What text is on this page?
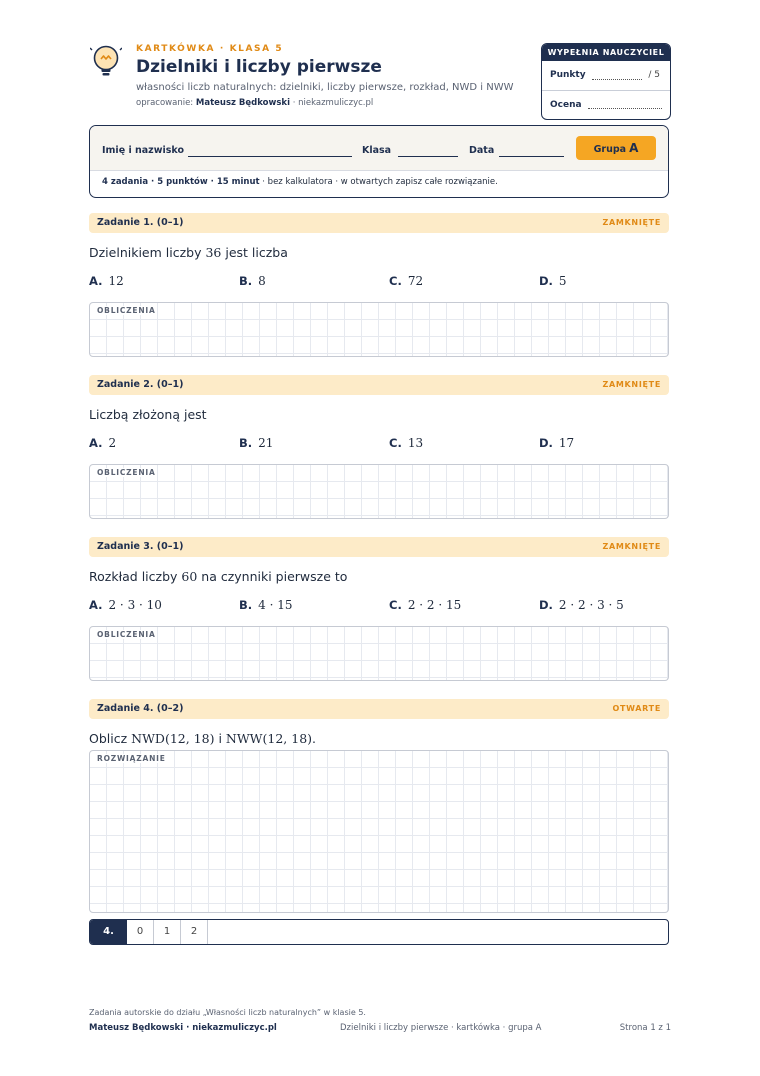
KARTKÓWKA · KLASA 5
Dzielniki i liczby pierwsze
własności liczb naturalnych: dzielniki, liczby pierwsze, rozkład, NWD i NWW
opracowanie: Mateusz Będkowski · niekazmuliczyc.pl
WYPEŁNIA NAUCZYCIEL
Punkty	/ 5
Ocena
Imię i nazwisko	Klasa	Data	Grupa A
4 zadania · 5 punktów · 15 minut · bez kalkulatora · w otwartych zapisz całe rozwiązanie.
Zadanie 1. (0–1)	ZAMKNIĘTE
Dzielnikiem liczby 36 jest liczba
A. 12	B. 8	C. 72	D. 5
OBLICZENIA
Zadanie 2. (0–1)	ZAMKNIĘTE
Liczbą złożoną jest
A. 2	B. 21	C. 13	D. 17
OBLICZENIA
Zadanie 3. (0–1)	ZAMKNIĘTE
Rozkład liczby 60 na czynniki pierwsze to
A. 2 · 3 · 10	B. 4 · 15	C. 2 · 2 · 15	D. 2 · 2 · 3 · 5
OBLICZENIA
Zadanie 4. (0–2)	OTWARTE
Oblicz NWD(12, 18) i NWW(12, 18).
ROZWIĄZANIE
4.	0	1	2
Zadania autorskie do działu „Własności liczb naturalnych” w klasie 5.
Mateusz Będkowski · niekazmuliczyc.pl	Dzielniki i liczby pierwsze · kartkówka · grupa A	Strona 1 z 1
